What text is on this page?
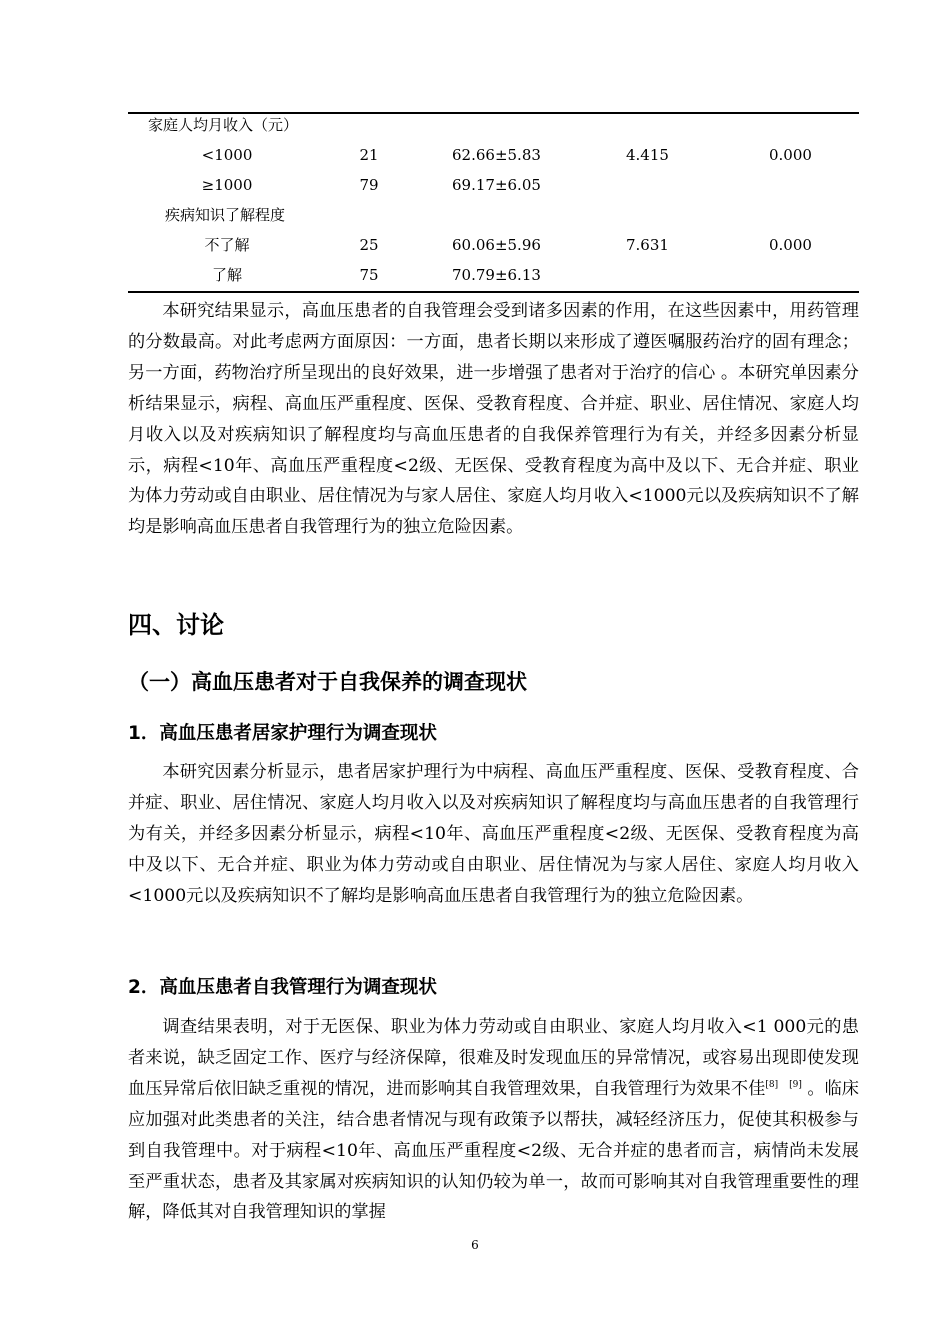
家庭人均月收入（元）
<1000	21	62.66±5.83	4.415	0.000
≥1000	79	69.17±6.05
疾病知识了解程度
不了解	25	60.06±5.96	7.631	0.000
了解	75	70.79±6.13

本研究结果显示，高血压患者的自我管理会受到诸多因素的作用，在这些因素中，用药管理的分数最高。对此考虑两方面原因：一方面，患者长期以来形成了遵医嘱服药治疗的固有理念；另一方面，药物治疗所呈现出的良好效果，进一步增强了患者对于治疗的信心 。本研究单因素分析结果显示，病程、高血压严重程度、医保、受教育程度、合并症、职业、居住情况、家庭人均月收入以及对疾病知识了解程度均与高血压患者的自我保养管理行为有关，并经多因素分析显示，病程<10年、高血压严重程度<2级、无医保、受教育程度为高中及以下、无合并症、职业为体力劳动或自由职业、居住情况为与家人居住、家庭人均月收入<1000元以及疾病知识不了解均是影响高血压患者自我管理行为的独立危险因素。

四、讨论
（一）高血压患者对于自我保养的调查现状
1．高血压患者居家护理行为调查现状

本研究因素分析显示，患者居家护理行为中病程、高血压严重程度、医保、受教育程度、合并症、职业、居住情况、家庭人均月收入以及对疾病知识了解程度均与高血压患者的自我管理行为有关，并经多因素分析显示，病程<10年、高血压严重程度<2级、无医保、受教育程度为高中及以下、无合并症、职业为体力劳动或自由职业、居住情况为与家人居住、家庭人均月收入<1000元以及疾病知识不了解均是影响高血压患者自我管理行为的独立危险因素。

2．高血压患者自我管理行为调查现状

调查结果表明，对于无医保、职业为体力劳动或自由职业、家庭人均月收入<1 000元的患者来说，缺乏固定工作、医疗与经济保障，很难及时发现血压的异常情况，或容易出现即使发现血压异常后依旧缺乏重视的情况，进而影响其自我管理效果，自我管理行为效果不佳[8] [9] 。临床应加强对此类患者的关注，结合患者情况与现有政策予以帮扶，减轻经济压力，促使其积极参与到自我管理中。对于病程<10年、高血压严重程度<2级、无合并症的患者而言，病情尚未发展至严重状态，患者及其家属对疾病知识的认知仍较为单一，故而可影响其对自我管理重要性的理解，降低其对自我管理知识的掌握

6
